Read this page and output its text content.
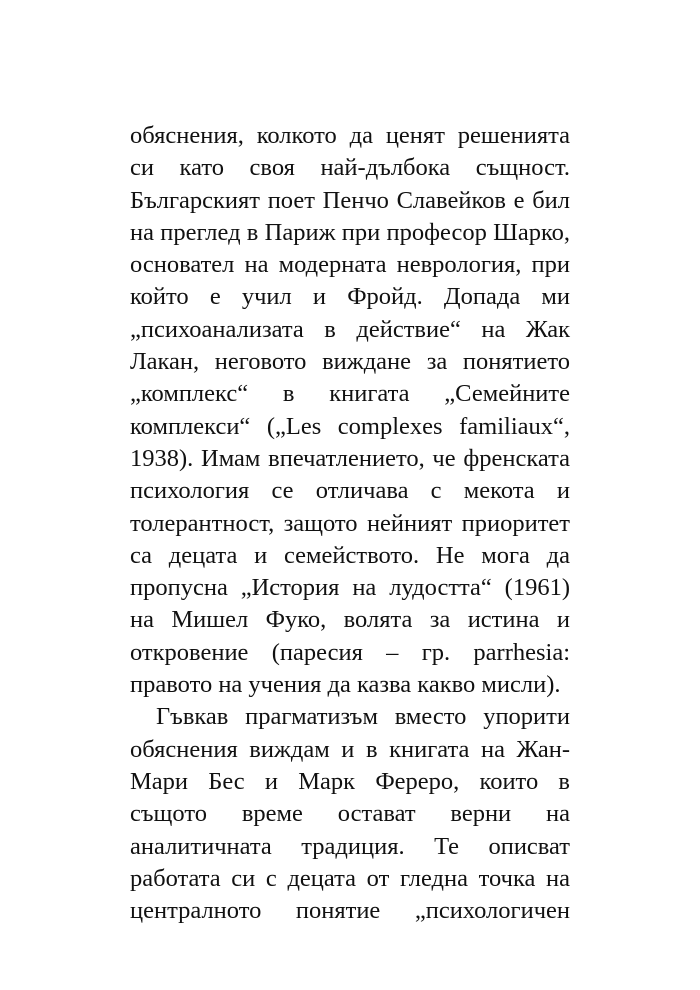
обяснения, колкото да ценят решенията
си като своя най-дълбока същност.
Българският поет Пенчо Славейков е бил
на преглед в Париж при професор Шарко,
основател на модерната неврология, при
който е учил и Фройд. Допада ми
„психоанализата в действие“ на Жак
Лакан, неговото виждане за понятието
„комплекс“ в книгата „Семейните
комплекси“ („Les complexes familiaux“,
1938). Имам впечатлението, че френската
психология се отличава с мекота и
толерантност, защото нейният приоритет
са децата и семейството. Не мога да
пропусна „История на лудостта“ (1961)
на Мишел Фуко, волята за истина и
откровение (паресия – гр. parrhesia:
правото на учения да казва какво мисли).
Гъвкав прагматизъм вместо упорити
обяснения виждам и в книгата на Жан-
Мари Бес и Марк Фереро, които в
същото време остават верни на
аналитичната традиция. Те описват
работата си с децата от гледна точка на
централното понятие „психологичен
